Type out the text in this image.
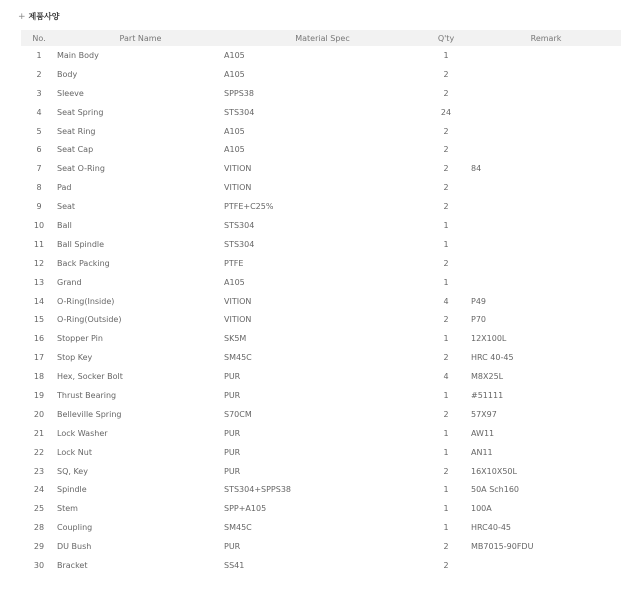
+ 제품사양
No.	Part Name	Material Spec	Q'ty	Remark
1	Main Body	A105	1	
2	Body	A105	2	
3	Sleeve	SPPS38	2	
4	Seat Spring	STS304	24	
5	Seat Ring	A105	2	
6	Seat Cap	A105	2	
7	Seat O-Ring	VITION	2	84
8	Pad	VITION	2	
9	Seat	PTFE+C25%	2	
10	Ball	STS304	1	
11	Ball Spindle	STS304	1	
12	Back Packing	PTFE	2	
13	Grand	A105	1	
14	O-Ring(Inside)	VITION	4	P49
15	O-Ring(Outside)	VITION	2	P70
16	Stopper Pin	SK5M	1	12X100L
17	Stop Key	SM45C	2	HRC 40-45
18	Hex, Socker Bolt	PUR	4	M8X25L
19	Thrust Bearing	PUR	1	#51111
20	Belleville Spring	S70CM	2	57X97
21	Lock Washer	PUR	1	AW11
22	Lock Nut	PUR	1	AN11
23	SQ, Key	PUR	2	16X10X50L
24	Spindle	STS304+SPPS38	1	50A Sch160
25	Stem	SPP+A105	1	100A
28	Coupling	SM45C	1	HRC40-45
29	DU Bush	PUR	2	MB7015-90FDU
30	Bracket	SS41	2	
